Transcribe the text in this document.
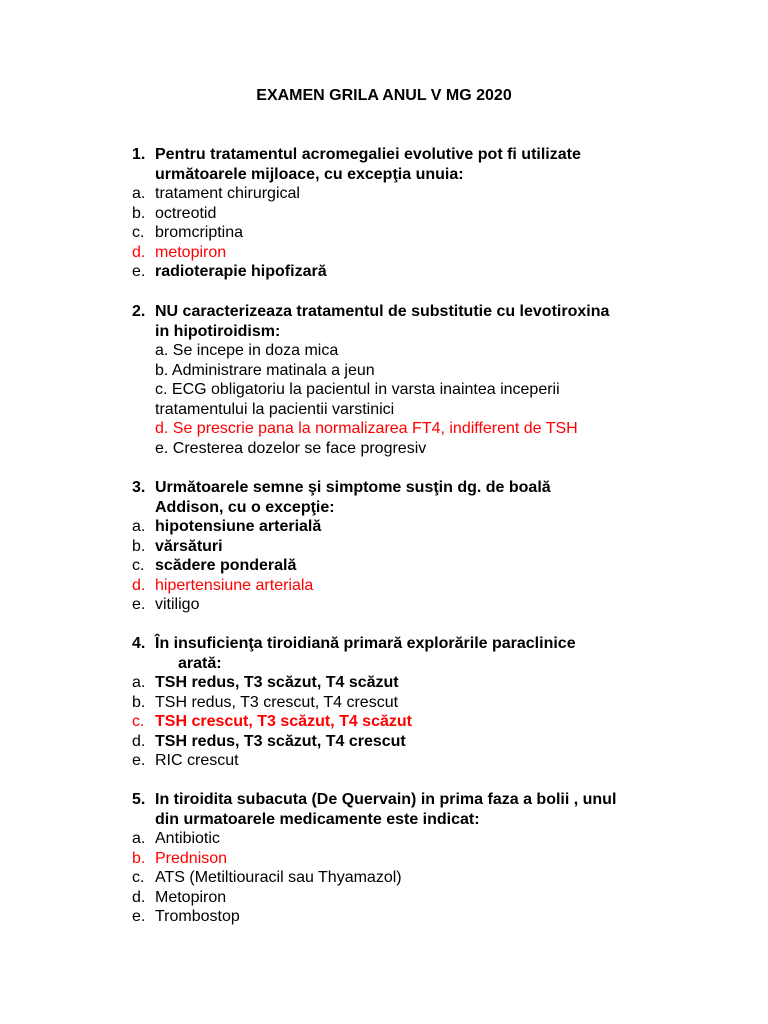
EXAMEN GRILA ANUL V MG 2020
1. Pentru tratamentul acromegaliei evolutive pot fi utilizate
următoarele mijloace, cu excepţia unuia:
a. tratament chirurgical
b. octreotid
c. bromcriptina
d. metopiron
e. radioterapie hipofizară
2. NU caracterizeaza tratamentul de substitutie cu levotiroxina
in hipotiroidism:
a. Se incepe in doza mica
b. Administrare matinala a jeun
c. ECG obligatoriu la pacientul in varsta inaintea inceperii
tratamentului la pacientii varstinici
d. Se prescrie pana la normalizarea FT4, indifferent de TSH
e. Cresterea dozelor se face progresiv
3. Următoarele semne şi simptome susţin dg. de boală
Addison, cu o excepţie:
a. hipotensiune arterială
b. vărsături
c. scădere ponderală
d. hipertensiune arteriala
e. vitiligo
4. În insuficienţa tiroidiană primară explorările paraclinice
arată:
a. TSH redus, T3 scăzut, T4 scăzut
b. TSH redus, T3 crescut, T4 crescut
c. TSH crescut, T3 scăzut, T4 scăzut
d. TSH redus, T3 scăzut, T4 crescut
e. RIC crescut
5. In tiroidita subacuta (De Quervain) in prima faza a bolii , unul
din urmatoarele medicamente este indicat:
a. Antibiotic
b. Prednison
c. ATS (Metiltiouracil sau Thyamazol)
d. Metopiron
e. Trombostop
